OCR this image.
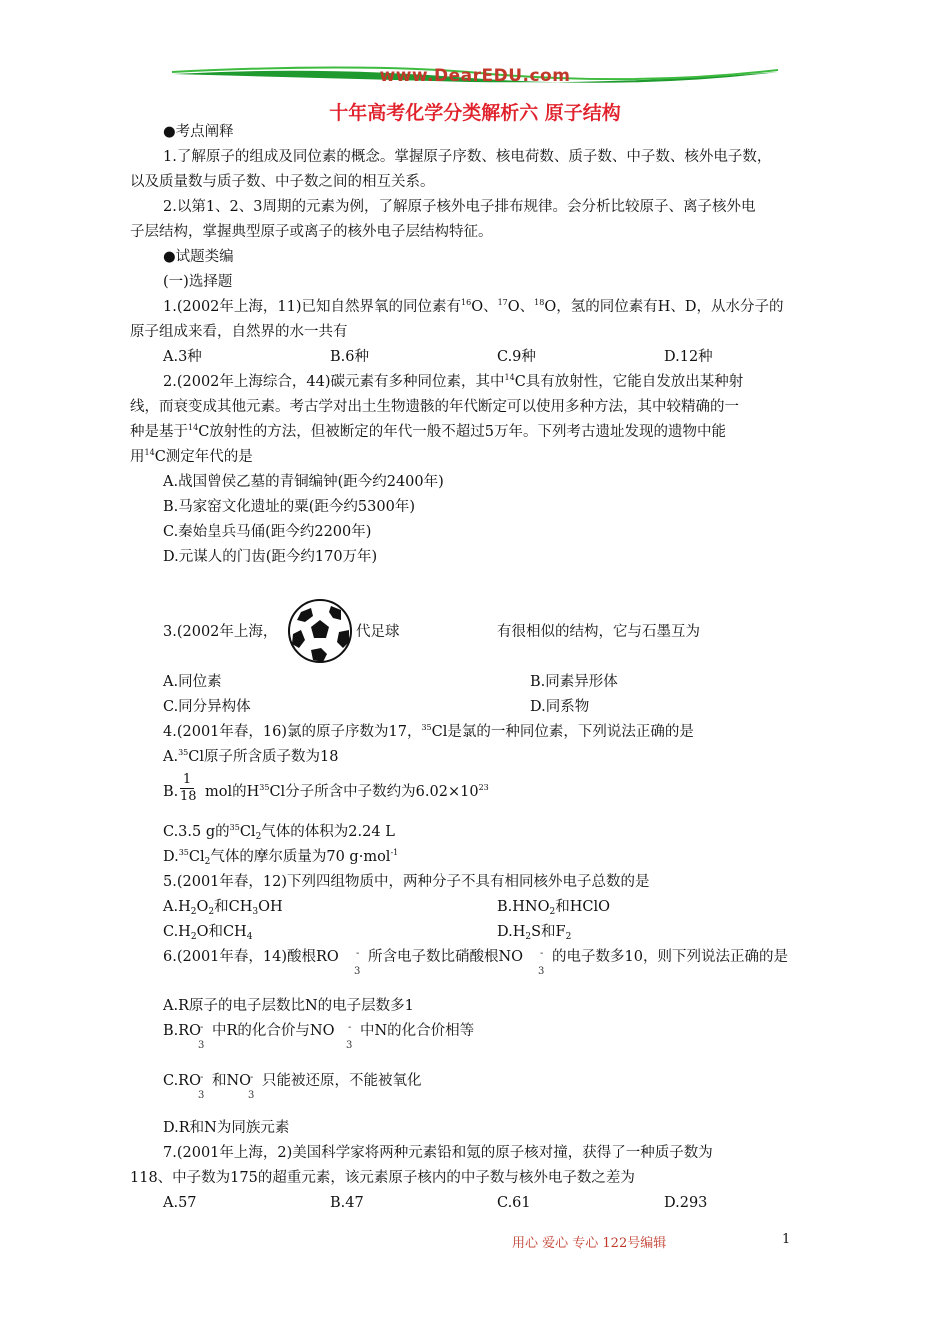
www.DearEDU.com
十年高考化学分类解析六 原子结构
●考点阐释
1.了解原子的组成及同位素的概念。掌握原子序数、核电荷数、质子数、中子数、核外电子数，
以及质量数与质子数、中子数之间的相互关系。
2.以第1、2、3周期的元素为例，了解原子核外电子排布规律。会分析比较原子、离子核外电
子层结构，掌握典型原子或离子的核外电子层结构特征。
●试题类编
(一)选择题
1.(2002年上海，11)已知自然界氧的同位素有$^{16}$O、$^{17}$O、$^{18}$O，氢的同位素有H、D，从水分子的
原子组成来看，自然界的水一共有
A.3种	B.6种	C.9种	D.12种
2.(2002年上海综合，44)碳元素有多种同位素，其中$^{14}$C具有放射性，它能自发放出某种射
线，而衰变成其他元素。考古学对出土生物遗骸的年代断定可以使用多种方法，其中较精确的一
种是基于$^{14}$C放射性的方法，但被断定的年代一般不超过5万年。下列考古遗址发现的遗物中能
用$^{14}$C测定年代的是
A.战国曾侯乙墓的青铜编钟(距今约2400年)
B.马家窑文化遗址的粟(距今约5300年)
C.秦始皇兵马俑(距今约2200年)
D.元谋人的门齿(距今约170万年)
3.(2002年上海，	代足球	有很相似的结构，它与石墨互为
A.同位素	B.同素异形体
C.同分异构体	D.同系物
4.(2001年春，16)氯的原子序数为17，$^{35}$Cl是氯的一种同位素，下列说法正确的是
A.$^{35}$Cl原子所含质子数为18
B. $\frac{1}{18}$ mol的$H^{35}Cl$分子所含中子数约为$6.02\times 10^{23}$
C.3.5 g的$^{35}Cl_2$气体的体积为2.24 L
$D.^{35}Cl_2$气体的摩尔质量为70 g·mol$^{-1}$
5.(2001年春，12)下列四组物质中，两种分子不具有相同核外电子总数的是
$A.H_2O_2$和$CH_3OH$	$B.HNO_2$和HClO
$C.H_2O$和$CH_4$	$D.H_2S$和$F_2$
6.(2001年春，14)酸根RO -
3
所含电子数比硝酸根NO -
3
的电子数多10，则下列说法正确的是
A.R原子的电子层数比N的电子层数多1
B.RO
-
3
中R的化合价与NO -
3
中N的化合价相等
C.RO -
3
和NO
-
3
只能被还原，不能被氧化
D.R和N为同族元素
7.(2001年上海，2)美国科学家将两种元素铅和氪的原子核对撞，获得了一种质子数为
118、中子数为175的超重元素，该元素原子核内的中子数与核外电子数之差为
A.57	B.47	C.61	D.293
用心 爱心 专心 122号编辑	1
